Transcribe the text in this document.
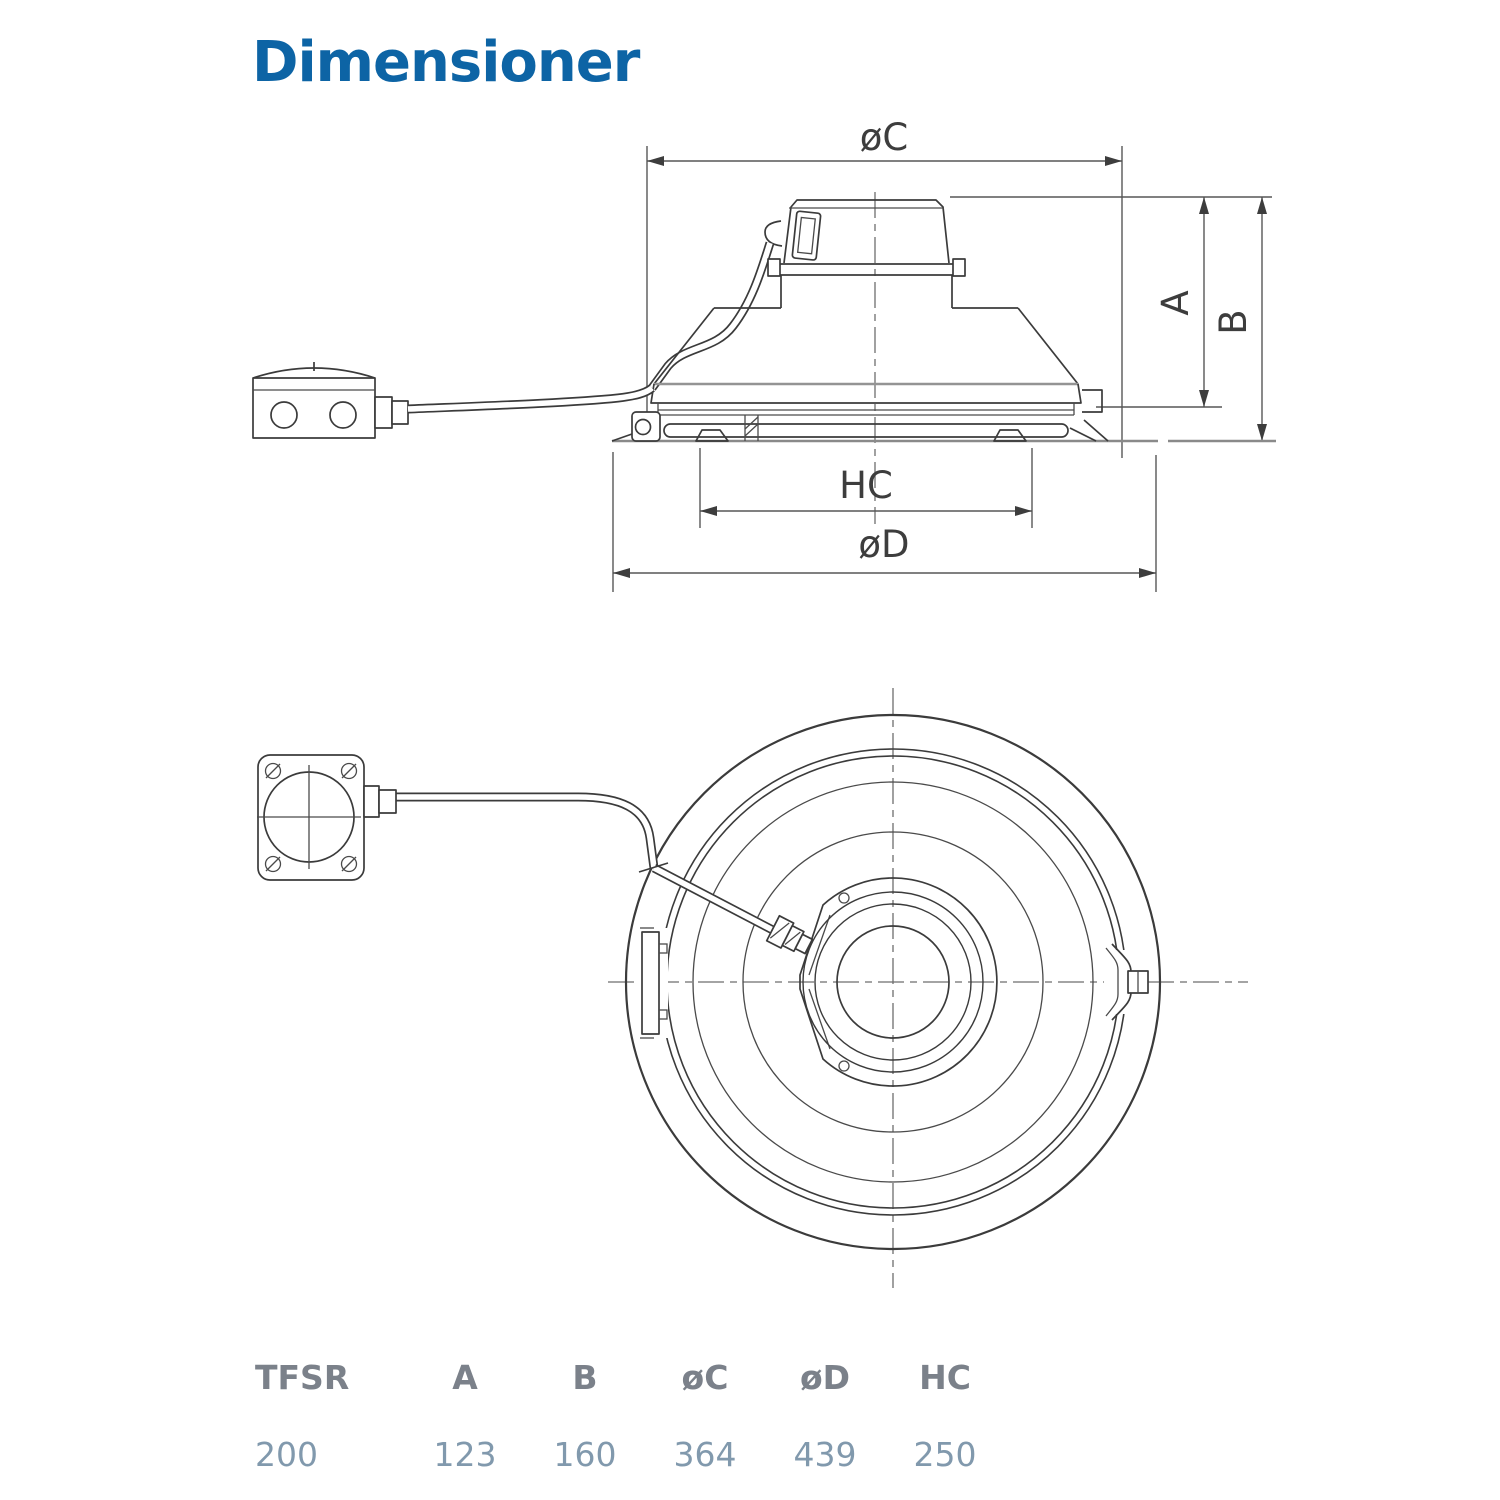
Dimensioner
øC
A
B
HC
øD
TFSR	A	B	øC	øD	HC
200	123	160	364	439	250
